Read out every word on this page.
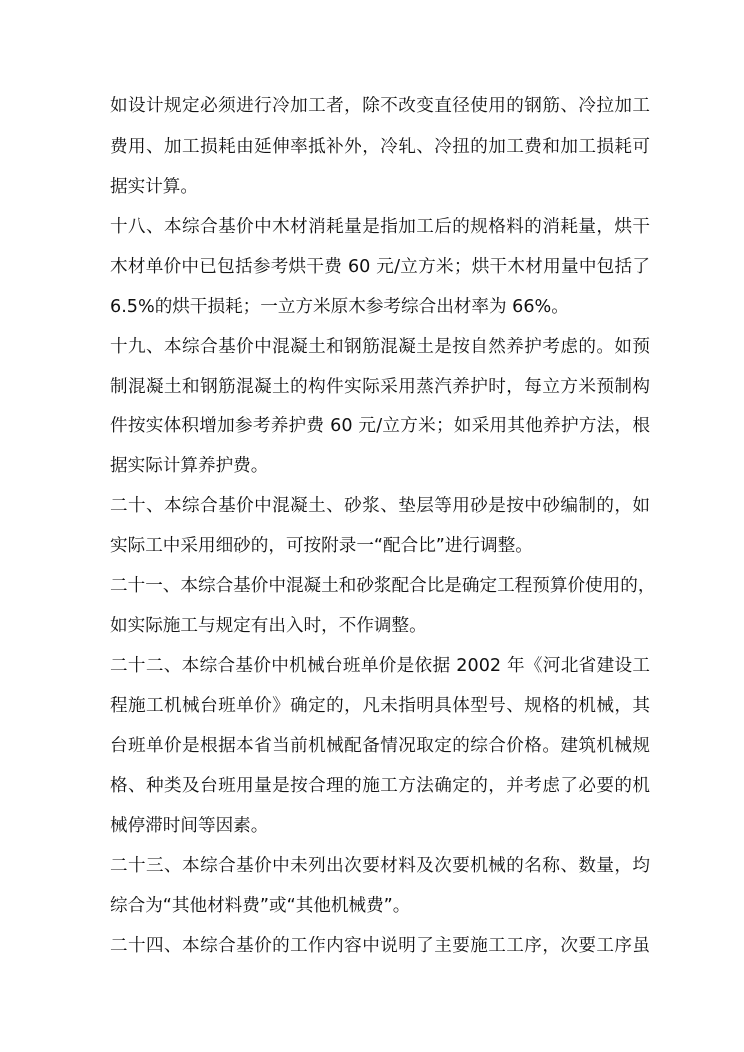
如设计规定必须进行冷加工者，除不改变直径使用的钢筋、冷拉加工
费用、加工损耗由延伸率抵补外，冷轧、冷扭的加工费和加工损耗可
据实计算。
十八、本综合基价中木材消耗量是指加工后的规格料的消耗量，烘干
木材单价中已包括参考烘干费 60 元/立方米；烘干木材用量中包括了
6.5%的烘干损耗；一立方米原木参考综合出材率为 66%。
十九、本综合基价中混凝土和钢筋混凝土是按自然养护考虑的。如预
制混凝土和钢筋混凝土的构件实际采用蒸汽养护时，每立方米预制构
件按实体积增加参考养护费 60 元/立方米；如采用其他养护方法，根
据实际计算养护费。
二十、本综合基价中混凝土、砂浆、垫层等用砂是按中砂编制的，如
实际工中采用细砂的，可按附录一“配合比”进行调整。
二十一、本综合基价中混凝土和砂浆配合比是确定工程预算价使用的，
如实际施工与规定有出入时，不作调整。
二十二、本综合基价中机械台班单价是依据 2002 年《河北省建设工
程施工机械台班单价》确定的，凡未指明具体型号、规格的机械，其
台班单价是根据本省当前机械配备情况取定的综合价格。建筑机械规
格、种类及台班用量是按合理的施工方法确定的，并考虑了必要的机
械停滞时间等因素。
二十三、本综合基价中未列出次要材料及次要机械的名称、数量，均
综合为“其他材料费”或“其他机械费”。
二十四、本综合基价的工作内容中说明了主要施工工序，次要工序虽
